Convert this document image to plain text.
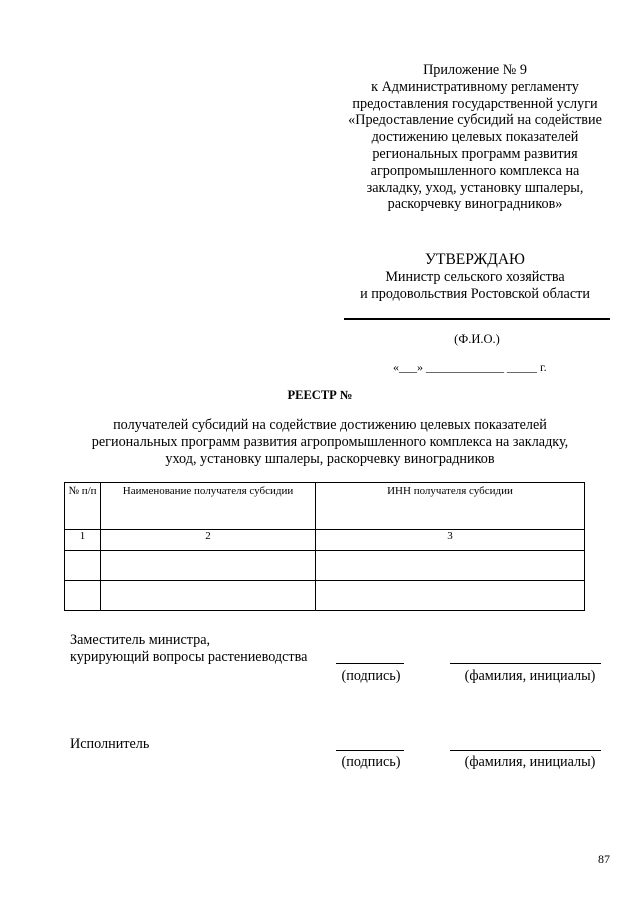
Приложение № 9
к Административному регламенту
предоставления государственной услуги
«Предоставление субсидий на содействие
достижению целевых показателей
региональных программ развития
агропромышленного комплекса на
закладку, уход, установку шпалеры,
раскорчевку виноградников»
УТВЕРЖДАЮ
Министр сельского хозяйства
и продовольствия Ростовской области
(Ф.И.О.)
«___» _____________ _____ г.
РЕЕСТР №
получателей субсидий на содействие достижению целевых показателей
региональных программ развития агропромышленного комплекса на закладку,
уход, установку шпалеры, раскорчевку виноградников
№ п/п	Наименование получателя субсидии	ИНН получателя субсидии
1	2	3

Заместитель министра,
курирующий вопросы растениеводства
(подпись)	(фамилия, инициалы)
Исполнитель
(подпись)	(фамилия, инициалы)
87
